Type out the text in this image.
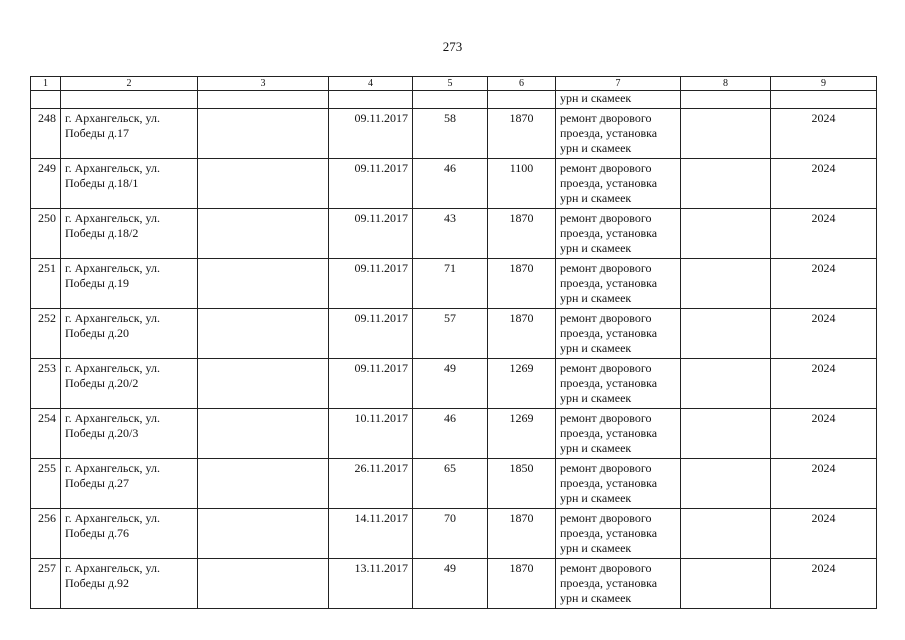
273
1	2	3	4	5	6	7	8	9
						урн и скамеек		
248	г. Архангельск, ул.
Победы д.17		09.11.2017	58	1870	ремонт дворового
проезда, установка
урн и скамеек		2024
249	г. Архангельск, ул.
Победы д.18/1		09.11.2017	46	1100	ремонт дворового
проезда, установка
урн и скамеек		2024
250	г. Архангельск, ул.
Победы д.18/2		09.11.2017	43	1870	ремонт дворового
проезда, установка
урн и скамеек		2024
251	г. Архангельск, ул.
Победы д.19		09.11.2017	71	1870	ремонт дворового
проезда, установка
урн и скамеек		2024
252	г. Архангельск, ул.
Победы д.20		09.11.2017	57	1870	ремонт дворового
проезда, установка
урн и скамеек		2024
253	г. Архангельск, ул.
Победы д.20/2		09.11.2017	49	1269	ремонт дворового
проезда, установка
урн и скамеек		2024
254	г. Архангельск, ул.
Победы д.20/3		10.11.2017	46	1269	ремонт дворового
проезда, установка
урн и скамеек		2024
255	г. Архангельск, ул.
Победы д.27		26.11.2017	65	1850	ремонт дворового
проезда, установка
урн и скамеек		2024
256	г. Архангельск, ул.
Победы д.76		14.11.2017	70	1870	ремонт дворового
проезда, установка
урн и скамеек		2024
257	г. Архангельск, ул.
Победы д.92		13.11.2017	49	1870	ремонт дворового
проезда, установка
урн и скамеек		2024
